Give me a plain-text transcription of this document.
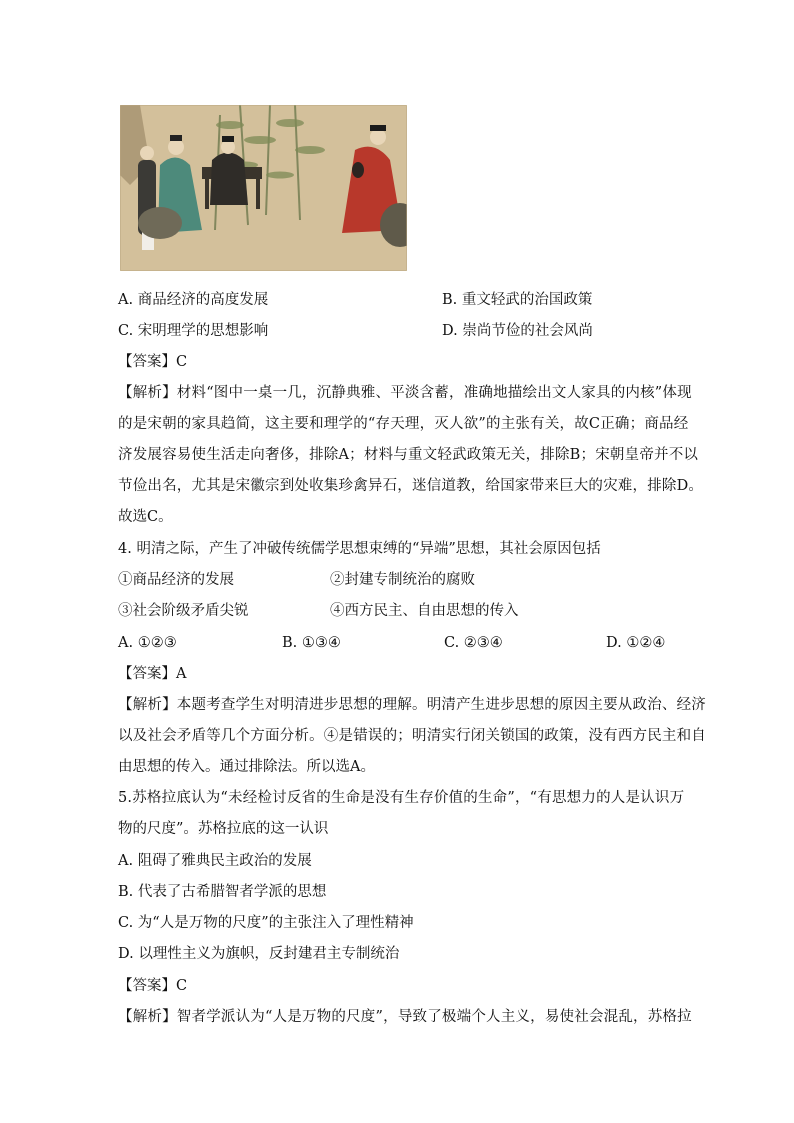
A. 商品经济的高度发展	B. 重文轻武的治国政策
C. 宋明理学的思想影响	D. 崇尚节俭的社会风尚
【答案】C
【解析】材料“图中一桌一几，沉静典雅、平淡含蓄，准确地描绘出文人家具的内核”体现
的是宋朝的家具趋简，这主要和理学的“存天理，灭人欲”的主张有关，故C正确；商品经
济发展容易使生活走向奢侈，排除A；材料与重文轻武政策无关，排除B；宋朝皇帝并不以
节俭出名，尤其是宋徽宗到处收集珍禽异石，迷信道教，给国家带来巨大的灾难，排除D。
故选C。
4. 明清之际，产生了冲破传统儒学思想束缚的“异端”思想，其社会原因包括
①商品经济的发展	②封建专制统治的腐败
③社会阶级矛盾尖锐	④西方民主、自由思想的传入
A. ①②③	B. ①③④	C. ②③④	D. ①②④
【答案】A
【解析】本题考查学生对明清进步思想的理解。明清产生进步思想的原因主要从政治、经济
以及社会矛盾等几个方面分析。④是错误的；明清实行闭关锁国的政策，没有西方民主和自
由思想的传入。通过排除法。所以选A。
5.苏格拉底认为“未经检讨反省的生命是没有生存价值的生命”，“有思想力的人是认识万
物的尺度”。苏格拉底的这一认识
A. 阻碍了雅典民主政治的发展
B. 代表了古希腊智者学派的思想
C. 为“人是万物的尺度”的主张注入了理性精神
D. 以理性主义为旗帜，反封建君主专制统治
【答案】C
【解析】智者学派认为“人是万物的尺度”，导致了极端个人主义，易使社会混乱，苏格拉
